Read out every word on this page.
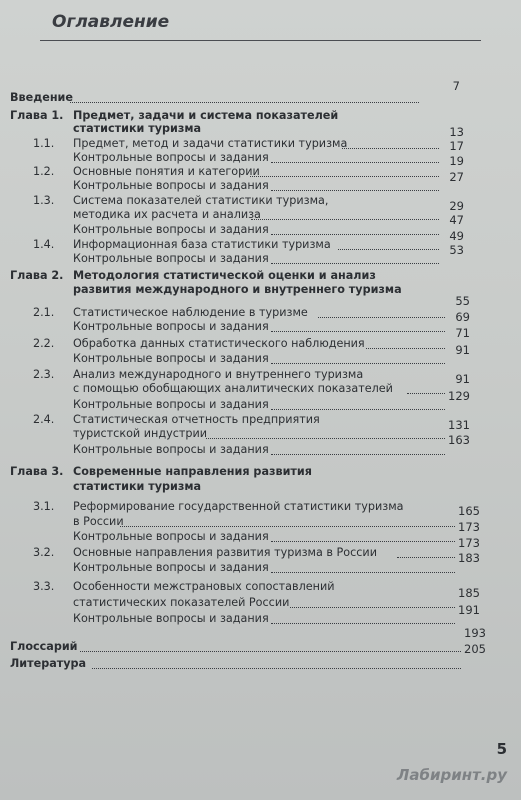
Оглавление
Введение
7
Глава 1. Предмет, задачи и система показателей
статистики туризма
1.1. Предмет, метод и задачи статистики туризма
13
Контрольные вопросы и задания
17
1.2. Основные понятия и категории
19
Контрольные вопросы и задания
27
1.3. Система показателей статистики туризма,
методика их расчета и анализа
29
Контрольные вопросы и задания
47
1.4. Информационная база статистики туризма
49
Контрольные вопросы и задания
53
Глава 2. Методология статистической оценки и анализ
развития международного и внутреннего туризма
2.1. Статистическое наблюдение в туризме
55
Контрольные вопросы и задания
69
2.2. Обработка данных статистического наблюдения
71
Контрольные вопросы и задания
91
2.3. Анализ международного и внутреннего туризма
с помощью обобщающих аналитических показателей
91
Контрольные вопросы и задания
129
2.4. Статистическая отчетность предприятия
туристской индустрии
131
Контрольные вопросы и задания
163
Глава 3. Современные направления развития
статистики туризма
3.1. Реформирование государственной статистики туризма
в России
165
Контрольные вопросы и задания
173
3.2. Основные направления развития туризма в России
173
Контрольные вопросы и задания
183
3.3. Особенности межстрановых сопоставлений
статистических показателей России
185
Контрольные вопросы и задания
191
Глоссарий
193
Литература
205
5
Лабиринт.ру
